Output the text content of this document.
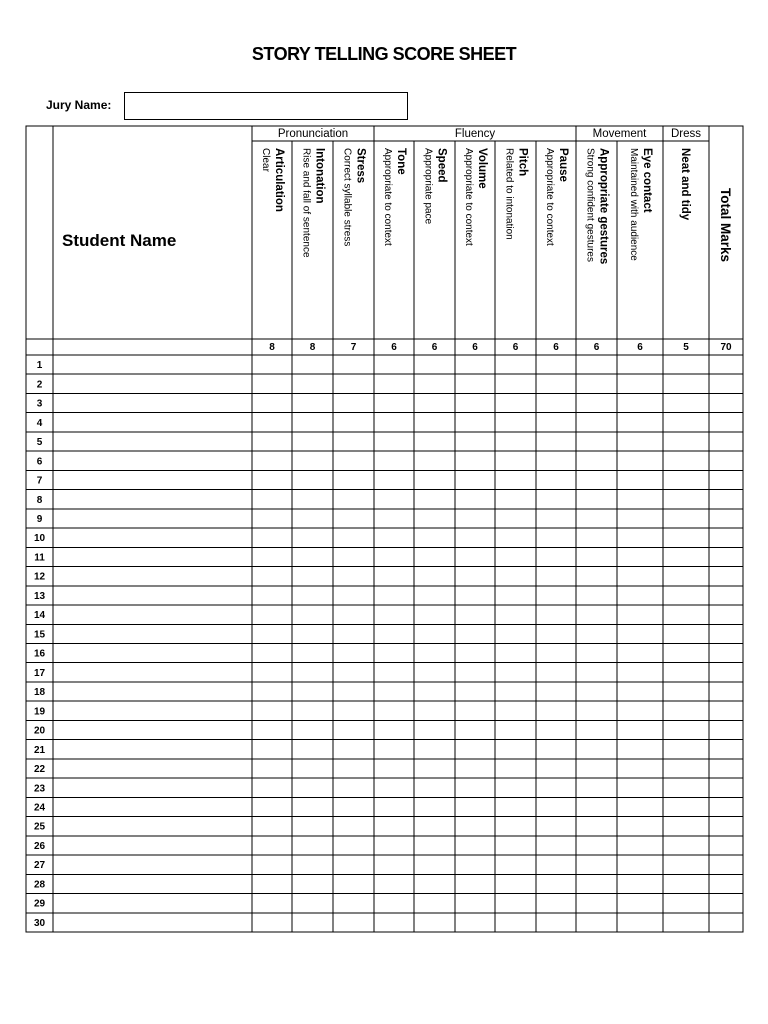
STORY TELLING SCORE SHEET
Jury Name:
Pronunciation	Fluency	Movement Dress
Student Name
Articulation
Clear
8
Intonation
Rise and fall of sentence
8
Stress
Correct syllable stress
7
Tone
Appropriate to context
6
Speed
Appropriate pace
6
Volume
Appropriate to context
6
Pitch
Related to intonation
6
Pause
Appropriate to context
6
Appropriate gestures
Strong confident gestures
6
Eye contact
Maintained with audience
6
Neat and tidy
5
Total Marks
70
1
2
3
4
5
6
7
8
9
10
11
12
13
14
15
16
17
18
19
20
21
22
23
24
25
26
27
28
29
30
